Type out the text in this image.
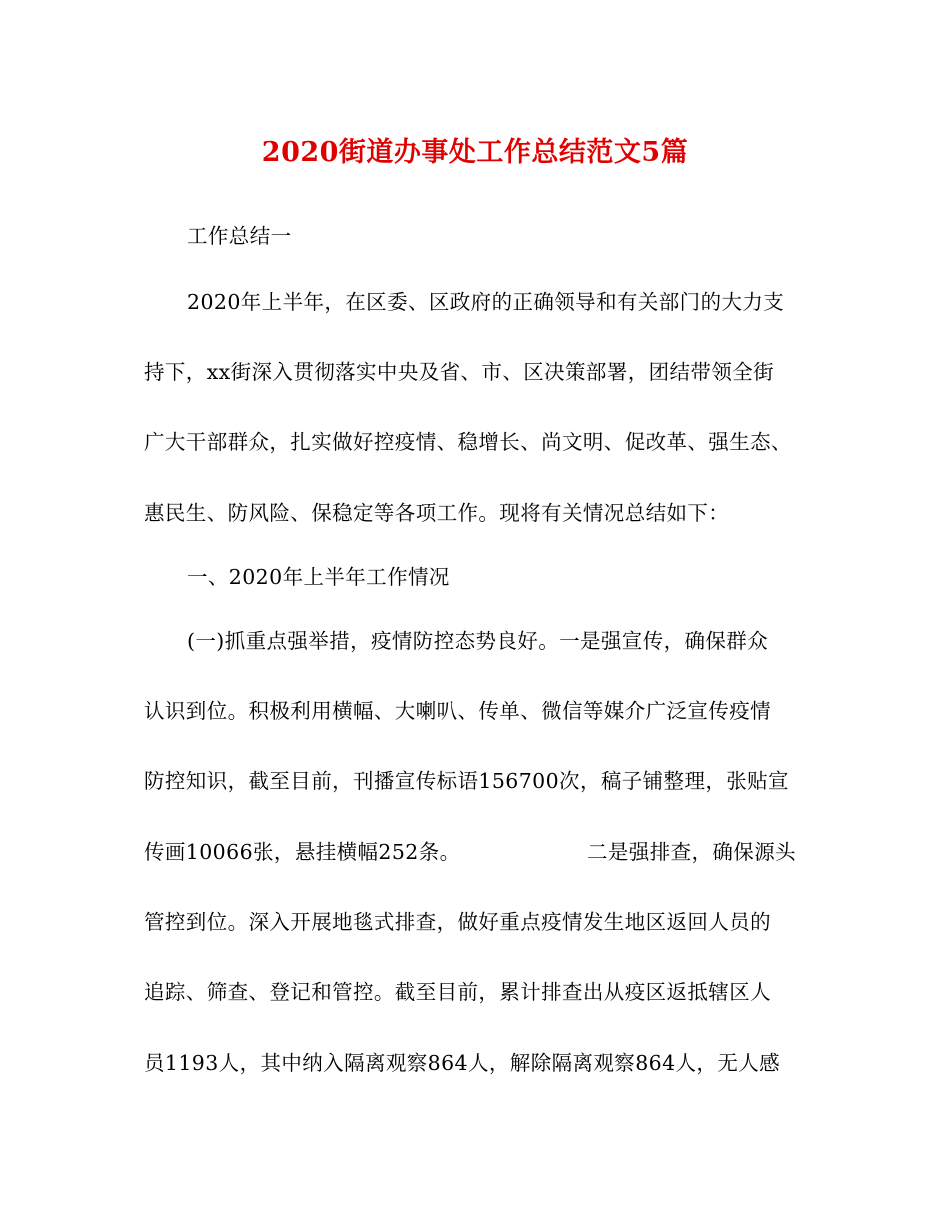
2020街道办事处工作总结范文5篇
工作总结一
2020年上半年，在区委、区政府的正确领导和有关部门的大力支
持下，xx街深入贯彻落实中央及省、市、区决策部署，团结带领全街
广大干部群众，扎实做好控疫情、稳增长、尚文明、促改革、强生态、
惠民生、防风险、保稳定等各项工作。现将有关情况总结如下：
一、2020年上半年工作情况
(一)抓重点强举措，疫情防控态势良好。一是强宣传，确保群众
认识到位。积极利用横幅、大喇叭、传单、微信等媒介广泛宣传疫情
防控知识，截至目前，刊播宣传标语156700次，稿子铺整理，张贴宣
传画10066张，悬挂横幅252条。	二是强排查，确保源头
管控到位。深入开展地毯式排查，做好重点疫情发生地区返回人员的
追踪、筛查、登记和管控。截至目前，累计排查出从疫区返抵辖区人
员1193人，其中纳入隔离观察864人，解除隔离观察864人，无人感
